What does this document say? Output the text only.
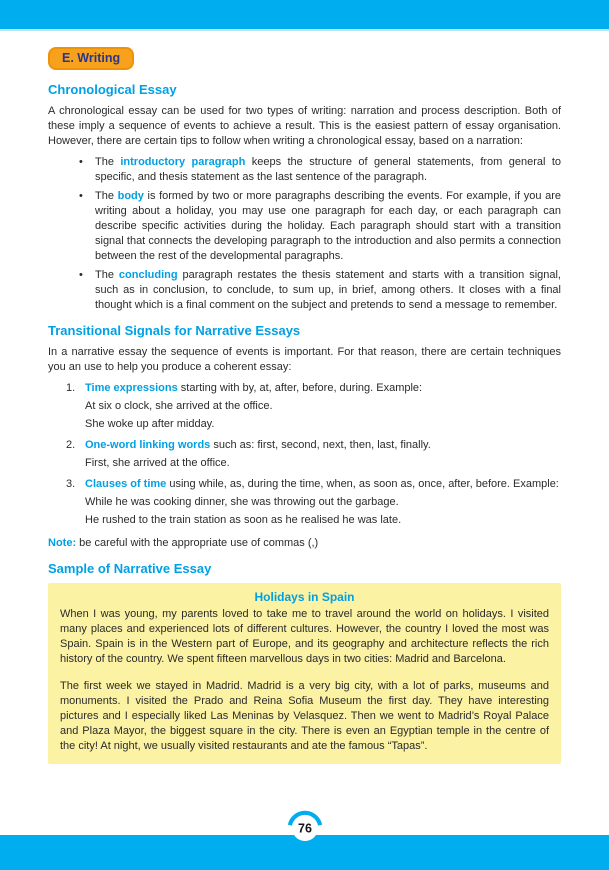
E. Writing
Chronological Essay

A chronological essay can be used for two types of writing: narration and process description. Both of these imply a sequence of events to achieve a result. This is the easiest pattern of essay organisation. However, there are certain tips to follow when writing a chronological essay, based on a narration:

• The introductory paragraph keeps the structure of general statements, from general to specific, and thesis statement as the last sentence of the paragraph.
• The body is formed by two or more paragraphs describing the events. For example, if you are writing about a holiday, you may use one paragraph for each day, or each paragraph can describe specific activities during the holiday. Each paragraph should start with a transition signal that connects the developing paragraph to the introduction and also permits a connection between the rest of the developmental paragraphs.
• The concluding paragraph restates the thesis statement and starts with a transition signal, such as in conclusion, to conclude, to sum up, in brief, among others. It closes with a final thought which is a final comment on the subject and pretends to send a message to remember.
Transitional Signals for Narrative Essays

In a narrative essay the sequence of events is important. For that reason, there are certain techniques you an use to help you produce a coherent essay:

1. Time expressions starting with by, at, after, before, during. Example:

At six o clock, she arrived at the office.

She woke up after midday.

2. One-word linking words such as: first, second, next, then, last, finally.

First, she arrived at the office.

3. Clauses of time using while, as, during the time, when, as soon as, once, after, before. Example:

While he was cooking dinner, she was throwing out the garbage.

He rushed to the train station as soon as he realised he was late.

Note: be careful with the appropriate use of commas (,)

Sample of Narrative Essay
Holidays in Spain

When I was young, my parents loved to take me to travel around the world on holidays. I visited many places and experienced lots of different cultures. However, the country I loved the most was Spain. Spain is in the Western part of Europe, and its geography and architecture reflects the rich history of the country. We spent fifteen marvellous days in two cities: Madrid and Barcelona.

The first week we stayed in Madrid. Madrid is a very big city, with a lot of parks, museums and monuments. I visited the Prado and Reina Sofia Museum the first day. They have interesting pictures and I especially liked Las Meninas by Velasquez. Then we went to Madrid’s Royal Palace and Plaza Mayor, the biggest square in the city. There is even an Egyptian temple in the centre of the city! At night, we usually visited restaurants and ate the famous “Tapas”.

76
